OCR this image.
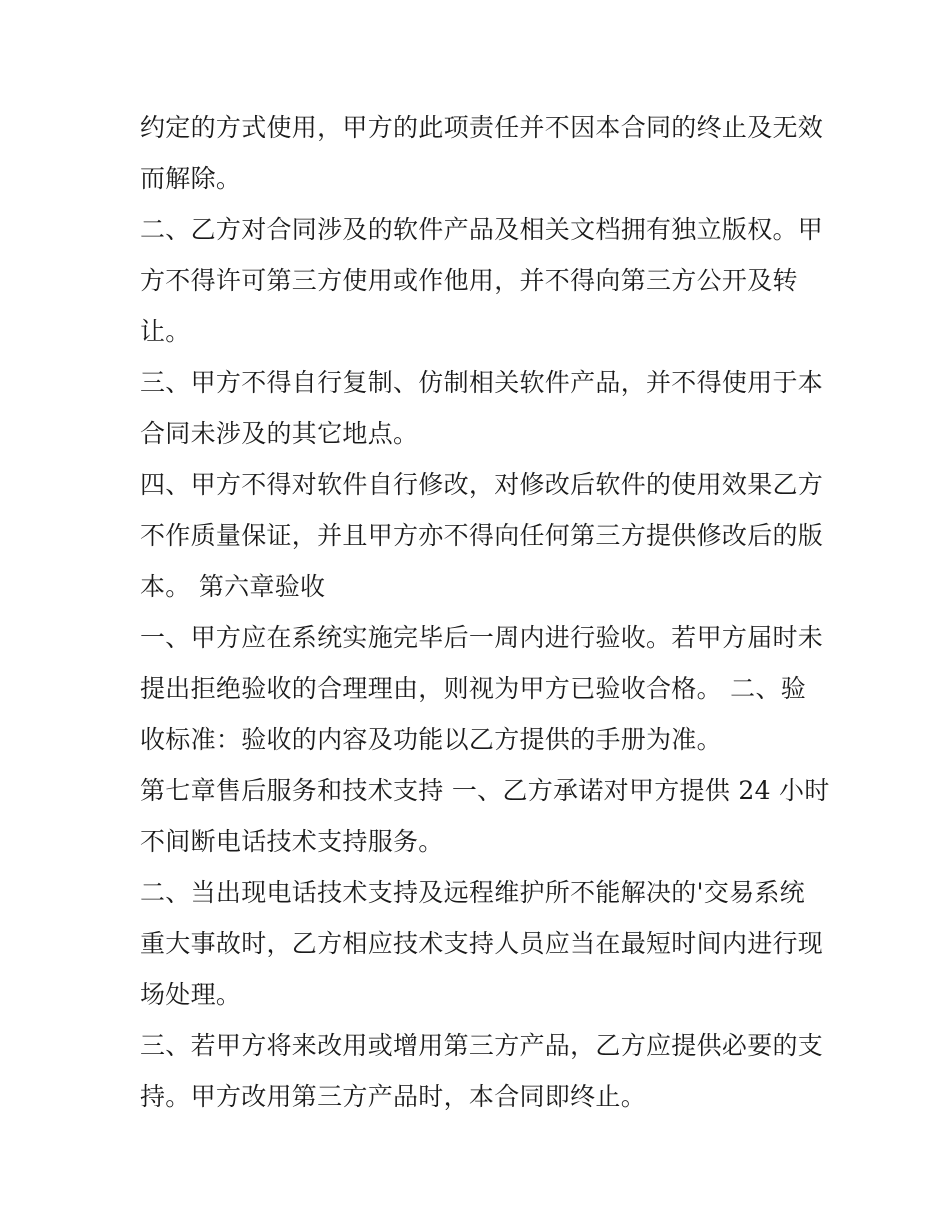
约定的方式使用，甲方的此项责任并不因本合同的终止及无效

而解除。

二、乙方对合同涉及的软件产品及相关文档拥有独立版权。甲

方不得许可第三方使用或作他用，并不得向第三方公开及转

让。

三、甲方不得自行复制、仿制相关软件产品，并不得使用于本

合同未涉及的其它地点。

四、甲方不得对软件自行修改，对修改后软件的使用效果乙方

不作质量保证，并且甲方亦不得向任何第三方提供修改后的版

本。 第六章验收

一、甲方应在系统实施完毕后一周内进行验收。若甲方届时未

提出拒绝验收的合理理由，则视为甲方已验收合格。 二、验

收标准：验收的内容及功能以乙方提供的手册为准。

第七章售后服务和技术支持 一、乙方承诺对甲方提供 24 小时

不间断电话技术支持服务。

二、当出现电话技术支持及远程维护所不能解决的'交易系统

重大事故时，乙方相应技术支持人员应当在最短时间内进行现

场处理。

三、若甲方将来改用或增用第三方产品，乙方应提供必要的支

持。甲方改用第三方产品时，本合同即终止。
